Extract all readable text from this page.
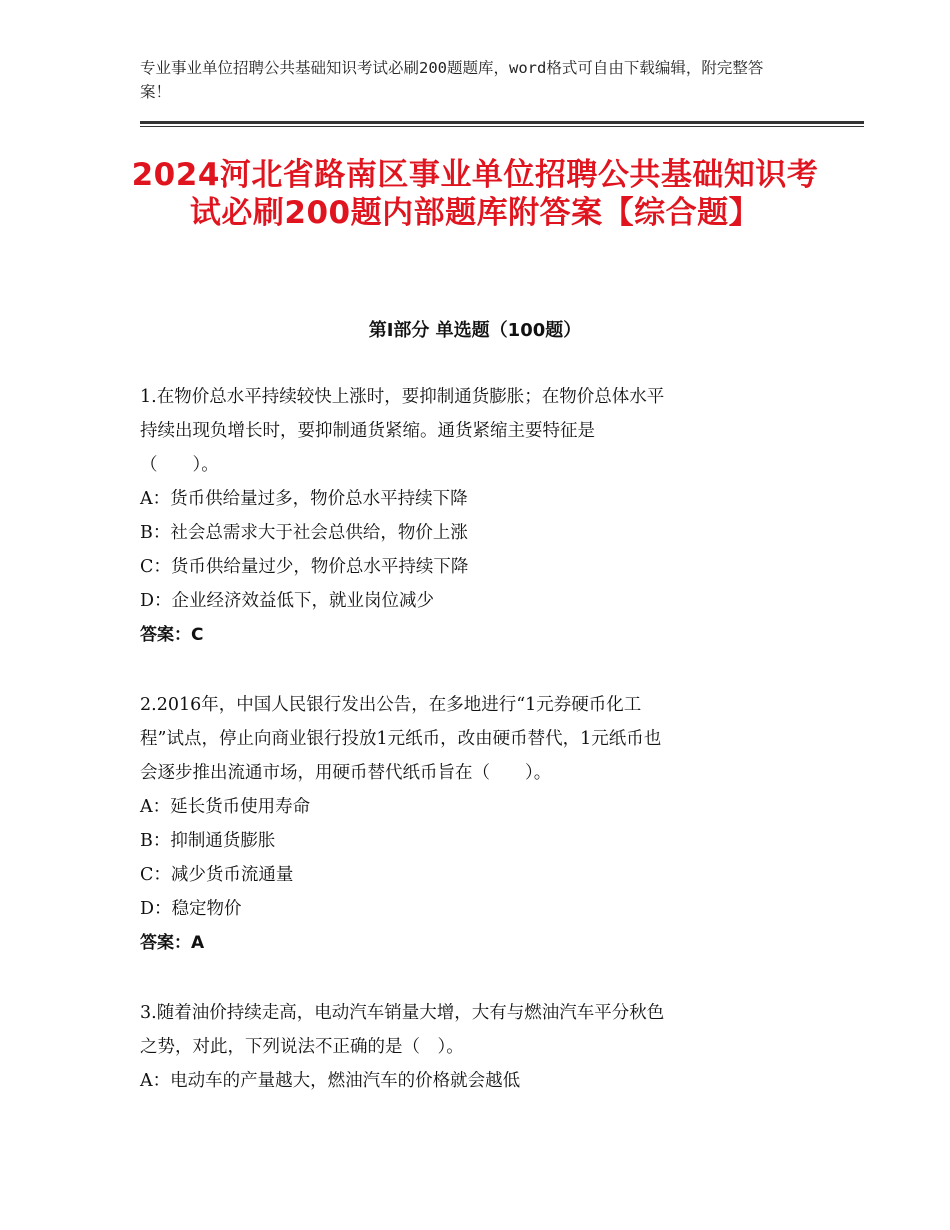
专业事业单位招聘公共基础知识考试必刷200题题库，word格式可自由下载编辑，附完整答案！
2024河北省路南区事业单位招聘公共基础知识考试必刷200题内部题库附答案【综合题】
第Ⅰ部分 单选题（100题）

1.在物价总水平持续较快上涨时，要抑制通货膨胀；在物价总体水平

持续出现负增长时，要抑制通货紧缩。通货紧缩主要特征是

（　　）。

A：货币供给量过多，物价总水平持续下降

B：社会总需求大于社会总供给，物价上涨

C：货币供给量过少，物价总水平持续下降

D：企业经济效益低下，就业岗位减少

答案：C

2.2016年，中国人民银行发出公告，在多地进行“1元券硬币化工

程”试点，停止向商业银行投放1元纸币，改由硬币替代，1元纸币也

会逐步推出流通市场，用硬币替代纸币旨在（　　）。

A：延长货币使用寿命

B：抑制通货膨胀

C：减少货币流通量

D：稳定物价

答案：A

3.随着油价持续走高，电动汽车销量大增，大有与燃油汽车平分秋色

之势，对此，下列说法不正确的是（　）。

A：电动车的产量越大，燃油汽车的价格就会越低
